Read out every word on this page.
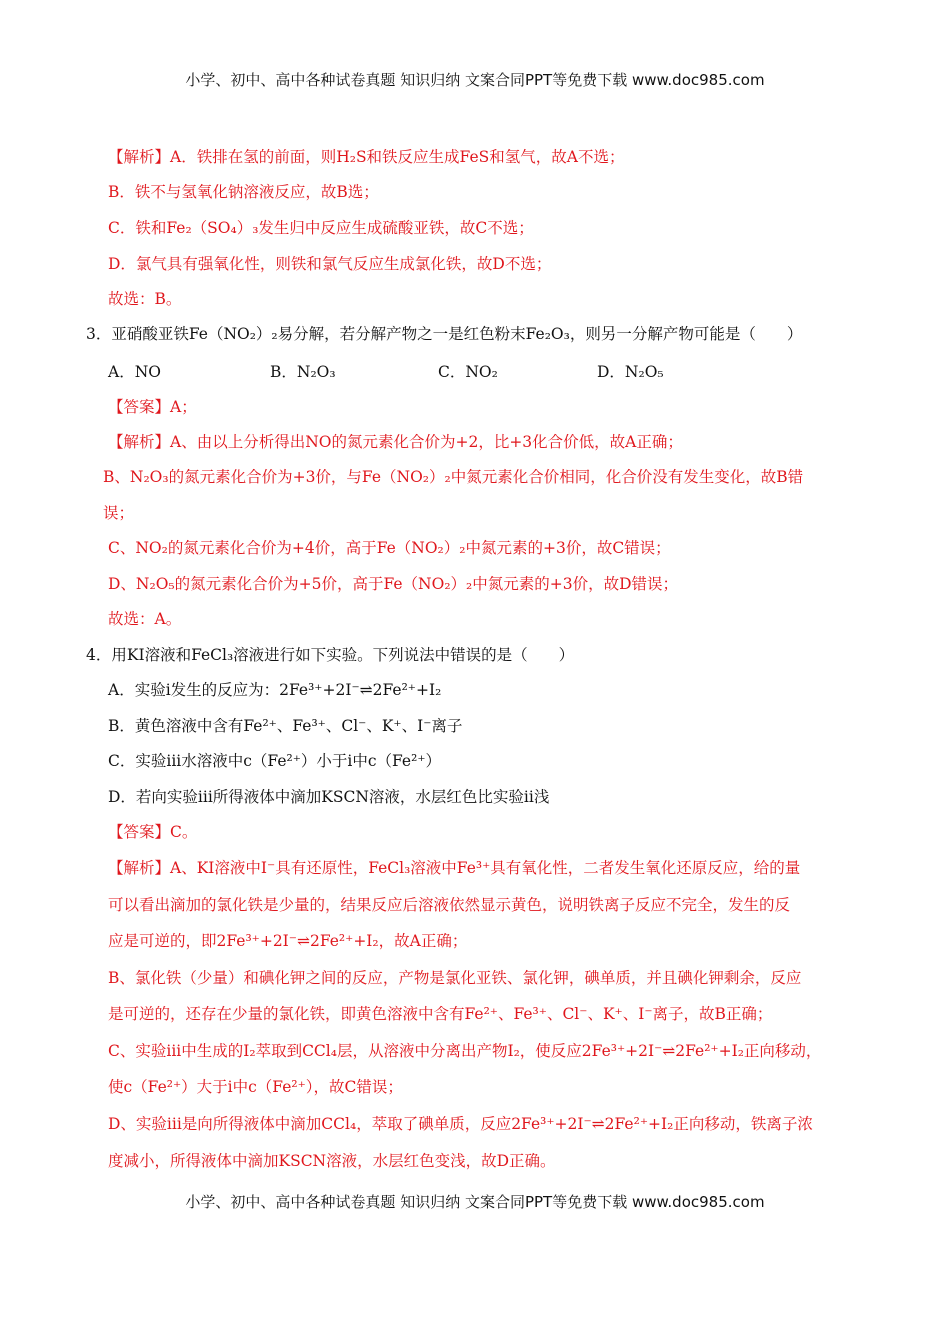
小学、初中、高中各种试卷真题 知识归纳 文案合同PPT等免费下载 www.doc985.com
【解析】A．铁排在氢的前面，则H₂S和铁反应生成FeS和氢气，故A不选；
B．铁不与氢氧化钠溶液反应，故B选；
C．铁和Fe₂（SO₄）₃发生归中反应生成硫酸亚铁，故C不选；
D．氯气具有强氧化性，则铁和氯气反应生成氯化铁，故D不选；
故选：B。
3．亚硝酸亚铁Fe（NO₂）₂易分解，若分解产物之一是红色粉末Fe₂O₃，则另一分解产物可能是（　　）
A．NO	B．N₂O₃	C．NO₂	D．N₂O₅
【答案】A；
【解析】A、由以上分析得出NO的氮元素化合价为+2，比+3化合价低，故A正确；
B、N₂O₃的氮元素化合价为+3价，与Fe（NO₂）₂中氮元素化合价相同，化合价没有发生变化，故B错
误；
C、NO₂的氮元素化合价为+4价，高于Fe（NO₂）₂中氮元素的+3价，故C错误；
D、N₂O₅的氮元素化合价为+5价，高于Fe（NO₂）₂中氮元素的+3价，故D错误；
故选：A。
4．用KI溶液和FeCl₃溶液进行如下实验。下列说法中错误的是（　　）
A．实验i发生的反应为：2Fe³⁺+2I⁻⇌2Fe²⁺+I₂
B．黄色溶液中含有Fe²⁺、Fe³⁺、Cl⁻、K⁺、I⁻离子
C．实验iii水溶液中c（Fe²⁺）小于i中c（Fe²⁺）
D．若向实验iii所得液体中滴加KSCN溶液，水层红色比实验ii浅
【答案】C。
【解析】A、KI溶液中I⁻具有还原性，FeCl₃溶液中Fe³⁺具有氧化性，二者发生氧化还原反应，给的量
可以看出滴加的氯化铁是少量的，结果反应后溶液依然显示黄色，说明铁离子反应不完全，发生的反
应是可逆的，即2Fe³⁺+2I⁻⇌2Fe²⁺+I₂，故A正确；
B、氯化铁（少量）和碘化钾之间的反应，产物是氯化亚铁、氯化钾，碘单质，并且碘化钾剩余，反应
是可逆的，还存在少量的氯化铁，即黄色溶液中含有Fe²⁺、Fe³⁺、Cl⁻、K⁺、I⁻离子，故B正确；
C、实验iii中生成的I₂萃取到CCl₄层，从溶液中分离出产物I₂，使反应2Fe³⁺+2I⁻⇌2Fe²⁺+I₂正向移动，
使c（Fe²⁺）大于i中c（Fe²⁺），故C错误；
D、实验iii是向所得液体中滴加CCl₄，萃取了碘单质，反应2Fe³⁺+2I⁻⇌2Fe²⁺+I₂正向移动，铁离子浓
度减小，所得液体中滴加KSCN溶液，水层红色变浅，故D正确。
小学、初中、高中各种试卷真题 知识归纳 文案合同PPT等免费下载 www.doc985.com
